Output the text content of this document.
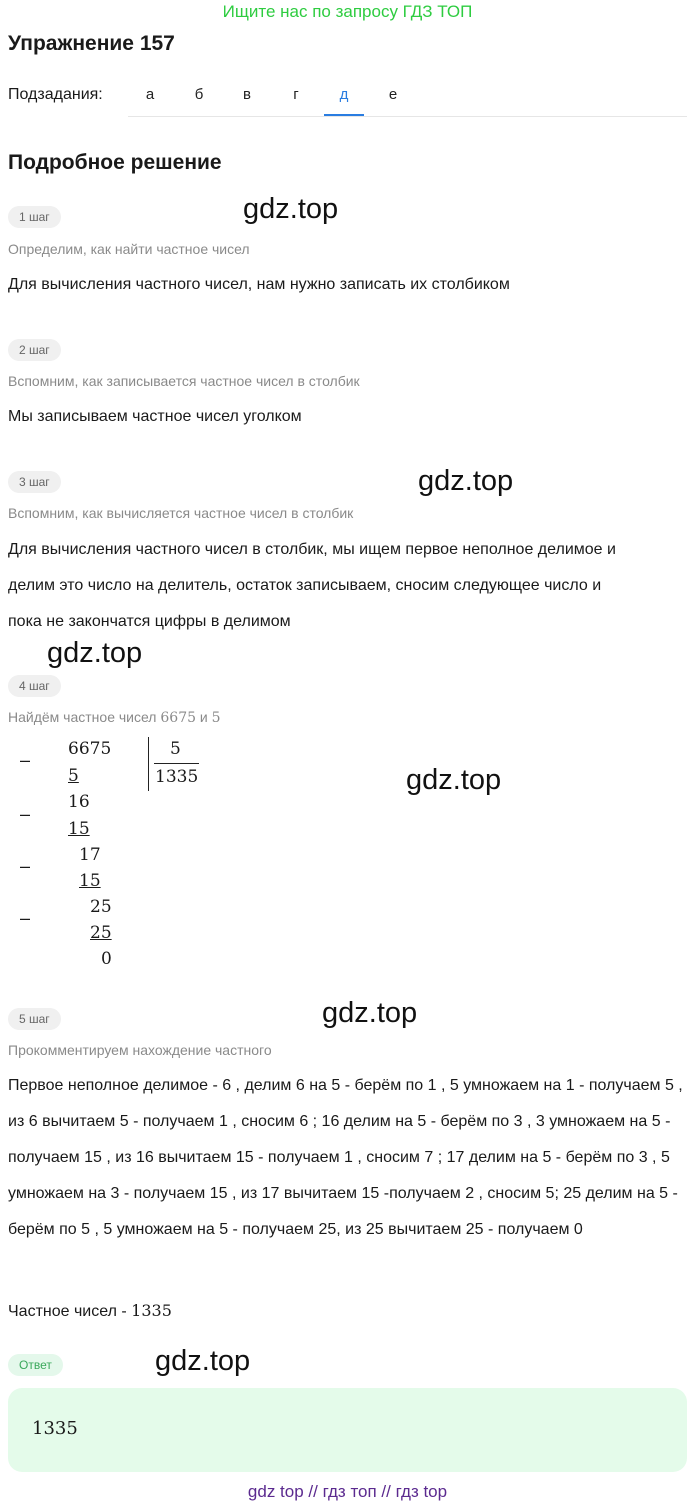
Ищите нас по запросу ГДЗ ТОП
Упражнение 157
Подзадания:	а	б	в	г	д	е
Подробное решение
gdz.top
gdz.top
gdz.top
gdz.top
gdz.top
gdz.top
1 шаг
Определим, как найти частное чисел
Для вычисления частного чисел, нам нужно записать их столбиком
2 шаг
Вспомним, как записывается частное чисел в столбик
Мы записываем частное чисел уголком
3 шаг
Вспомним, как вычисляется частное чисел в столбик
Для вычисления частного чисел в столбик, мы ищем первое неполное делимое и делим это число на делитель, остаток записываем, сносим следующее число и пока не закончатся цифры в делимом
4 шаг
Найдём частное чисел 6675 и 5
–
–
–
–
6675	5
1335
5
16
15
17
15
25
25
0
5 шаг
Прокомментируем нахождение частного
Первое неполное делимое - 6 , делим 6 на 5 - берём по 1 , 5 умножаем на 1 - получаем 5 , из 6 вычитаем 5 - получаем 1 , сносим 6 ; 16 делим на 5 - берём по 3 , 3 умножаем на 5 - получаем 15 , из 16 вычитаем 15 - получаем 1 , сносим 7 ; 17 делим на 5 - берём по 3 , 5 умножаем на 3 - получаем 15 , из 17 вычитаем 15 -получаем 2 , сносим 5; 25 делим на 5 - берём по 5 , 5 умножаем на 5 - получаем 25, из 25 вычитаем 25 - получаем 0
Частное чисел - 1335
Ответ
1335
gdz top // гдз топ // гдз top
